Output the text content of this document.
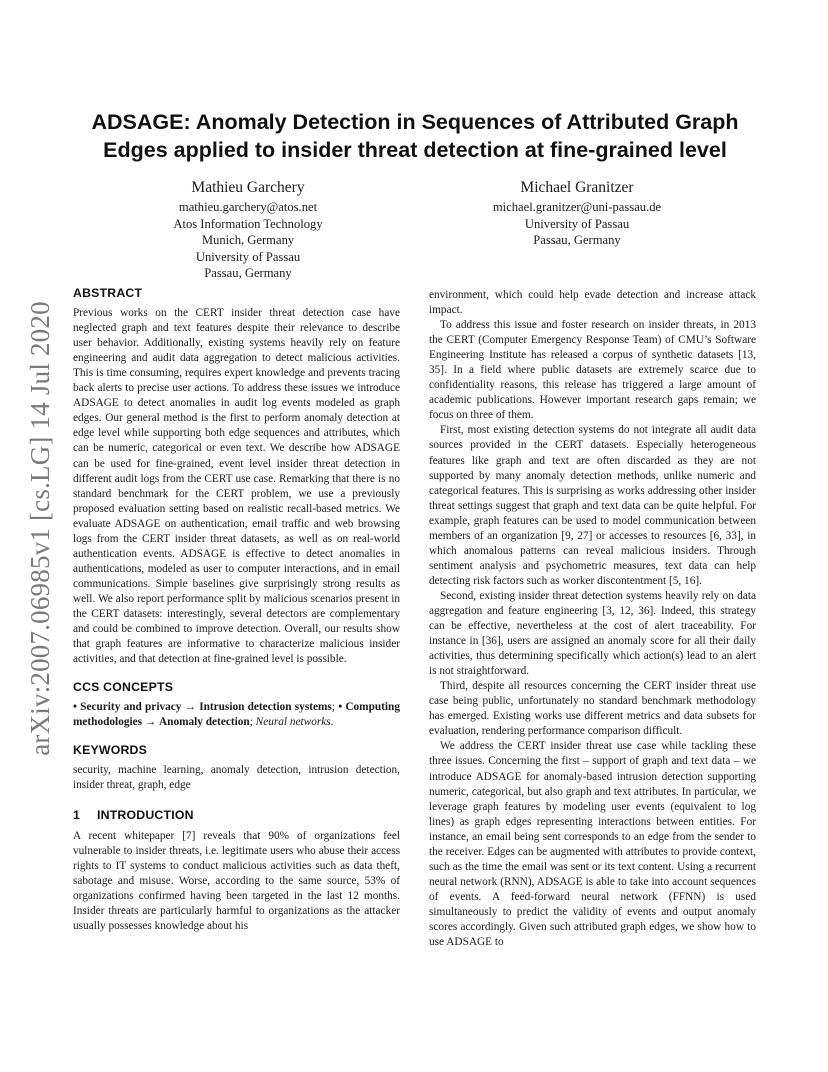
arXiv:2007.06985v1 [cs.LG] 14 Jul 2020
ADSAGE: Anomaly Detection in Sequences of Attributed Graph
Edges applied to insider threat detection at fine-grained level
Mathieu Garchery
mathieu.garchery@atos.net
Atos Information Technology
Munich, Germany
University of Passau
Passau, Germany
Michael Granitzer
michael.granitzer@uni-passau.de
University of Passau
Passau, Germany
ABSTRACT

Previous works on the CERT insider threat detection case have neglected graph and text features despite their relevance to describe user behavior. Additionally, existing systems heavily rely on feature engineering and audit data aggregation to detect malicious activities. This is time consuming, requires expert knowledge and prevents tracing back alerts to precise user actions. To address these issues we introduce ADSAGE to detect anomalies in audit log events modeled as graph edges. Our general method is the first to perform anomaly detection at edge level while supporting both edge sequences and attributes, which can be numeric, categorical or even text. We describe how ADSAGE can be used for fine-grained, event level insider threat detection in different audit logs from the CERT use case. Remarking that there is no standard benchmark for the CERT problem, we use a previously proposed evaluation setting based on realistic recall-based metrics. We evaluate ADSAGE on authentication, email traffic and web browsing logs from the CERT insider threat datasets, as well as on real-world authentication events. ADSAGE is effective to detect anomalies in authentications, modeled as user to computer interactions, and in email communications. Simple baselines give surprisingly strong results as well. We also report performance split by malicious scenarios present in the CERT datasets: interestingly, several detectors are complementary and could be combined to improve detection. Overall, our results show that graph features are informative to characterize malicious insider activities, and that detection at fine-grained level is possible.

CCS CONCEPTS

• Security and privacy → Intrusion detection systems; • Computing methodologies → Anomaly detection; Neural networks.

KEYWORDS

security, machine learning, anomaly detection, intrusion detection, insider threat, graph, edge

1 INTRODUCTION

A recent whitepaper [7] reveals that 90% of organizations feel vulnerable to insider threats, i.e. legitimate users who abuse their access rights to IT systems to conduct malicious activities such as data theft, sabotage and misuse. Worse, according to the same source, 53% of organizations confirmed having been targeted in the last 12 months. Insider threats are particularly harmful to organizations as the attacker usually possesses knowledge about his

environment, which could help evade detection and increase attack impact.

To address this issue and foster research on insider threats, in 2013 the CERT (Computer Emergency Response Team) of CMU’s Software Engineering Institute has released a corpus of synthetic datasets [13, 35]. In a field where public datasets are extremely scarce due to confidentiality reasons, this release has triggered a large amount of academic publications. However important research gaps remain; we focus on three of them.

First, most existing detection systems do not integrate all audit data sources provided in the CERT datasets. Especially heterogeneous features like graph and text are often discarded as they are not supported by many anomaly detection methods, unlike numeric and categorical features. This is surprising as works addressing other insider threat settings suggest that graph and text data can be quite helpful. For example, graph features can be used to model communication between members of an organization [9, 27] or accesses to resources [6, 33], in which anomalous patterns can reveal malicious insiders. Through sentiment analysis and psychometric measures, text data can help detecting risk factors such as worker discontentment [5, 16].

Second, existing insider threat detection systems heavily rely on data aggregation and feature engineering [3, 12, 36]. Indeed, this strategy can be effective, nevertheless at the cost of alert traceability. For instance in [36], users are assigned an anomaly score for all their daily activities, thus determining specifically which action(s) lead to an alert is not straightforward.

Third, despite all resources concerning the CERT insider threat use case being public, unfortunately no standard benchmark methodology has emerged. Existing works use different metrics and data subsets for evaluation, rendering performance comparison difficult.

We address the CERT insider threat use case while tackling these three issues. Concerning the first – support of graph and text data – we introduce ADSAGE for anomaly-based intrusion detection supporting numeric, categorical, but also graph and text attributes. In particular, we leverage graph features by modeling user events (equivalent to log lines) as graph edges representing interactions between entities. For instance, an email being sent corresponds to an edge from the sender to the receiver. Edges can be augmented with attributes to provide context, such as the time the email was sent or its text content. Using a recurrent neural network (RNN), ADSAGE is able to take into account sequences of events. A feed-forward neural network (FFNN) is used simultaneously to predict the validity of events and output anomaly scores accordingly. Given such attributed graph edges, we show how to use ADSAGE to
